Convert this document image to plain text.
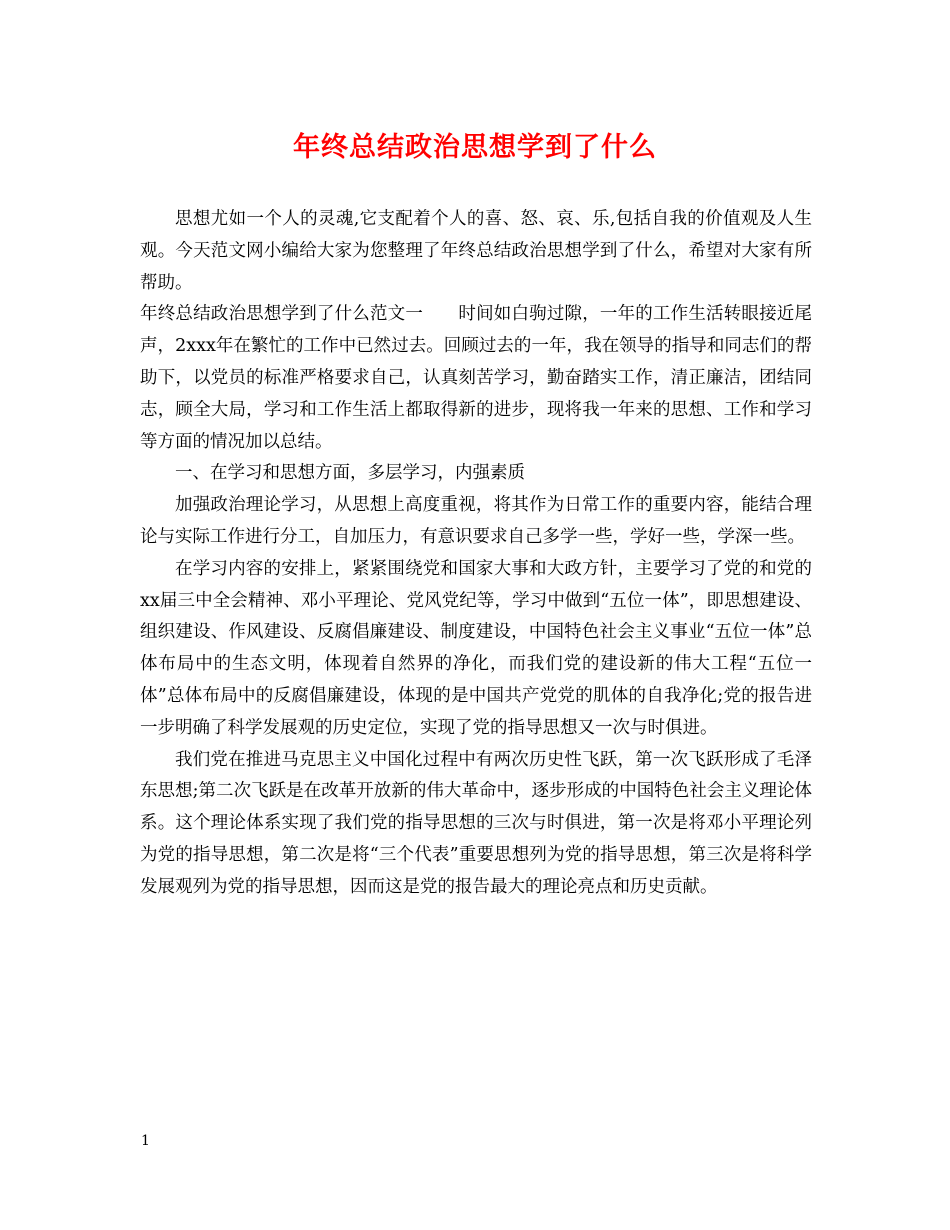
年终总结政治思想学到了什么

思想尤如一个人的灵魂,它支配着个人的喜、怒、哀、乐,包括自我的价值观及人生观。今天范文网小编给大家为您整理了年终总结政治思想学到了什么，希望对大家有所帮助。

年终总结政治思想学到了什么范文一　　时间如白驹过隙，一年的工作生活转眼接近尾声，2xxx年在繁忙的工作中已然过去。回顾过去的一年，我在领导的指导和同志们的帮助下，以党员的标准严格要求自己，认真刻苦学习，勤奋踏实工作，清正廉洁，团结同志，顾全大局，学习和工作生活上都取得新的进步，现将我一年来的思想、工作和学习等方面的情况加以总结。

一、在学习和思想方面，多层学习，内强素质

加强政治理论学习，从思想上高度重视，将其作为日常工作的重要内容，能结合理论与实际工作进行分工，自加压力，有意识要求自己多学一些，学好一些，学深一些。

在学习内容的安排上，紧紧围绕党和国家大事和大政方针，主要学习了党的和党的xx届三中全会精神、邓小平理论、党风党纪等，学习中做到“五位一体”，即思想建设、组织建设、作风建设、反腐倡廉建设、制度建设，中国特色社会主义事业“五位一体”总体布局中的生态文明，体现着自然界的净化，而我们党的建设新的伟大工程“五位一体”总体布局中的反腐倡廉建设，体现的是中国共产党党的肌体的自我净化;党的报告进一步明确了科学发展观的历史定位，实现了党的指导思想又一次与时俱进。

我们党在推进马克思主义中国化过程中有两次历史性飞跃，第一次飞跃形成了毛泽东思想;第二次飞跃是在改革开放新的伟大革命中，逐步形成的中国特色社会主义理论体系。这个理论体系实现了我们党的指导思想的三次与时俱进，第一次是将邓小平理论列为党的指导思想，第二次是将“三个代表”重要思想列为党的指导思想，第三次是将科学发展观列为党的指导思想，因而这是党的报告最大的理论亮点和历史贡献。

1
